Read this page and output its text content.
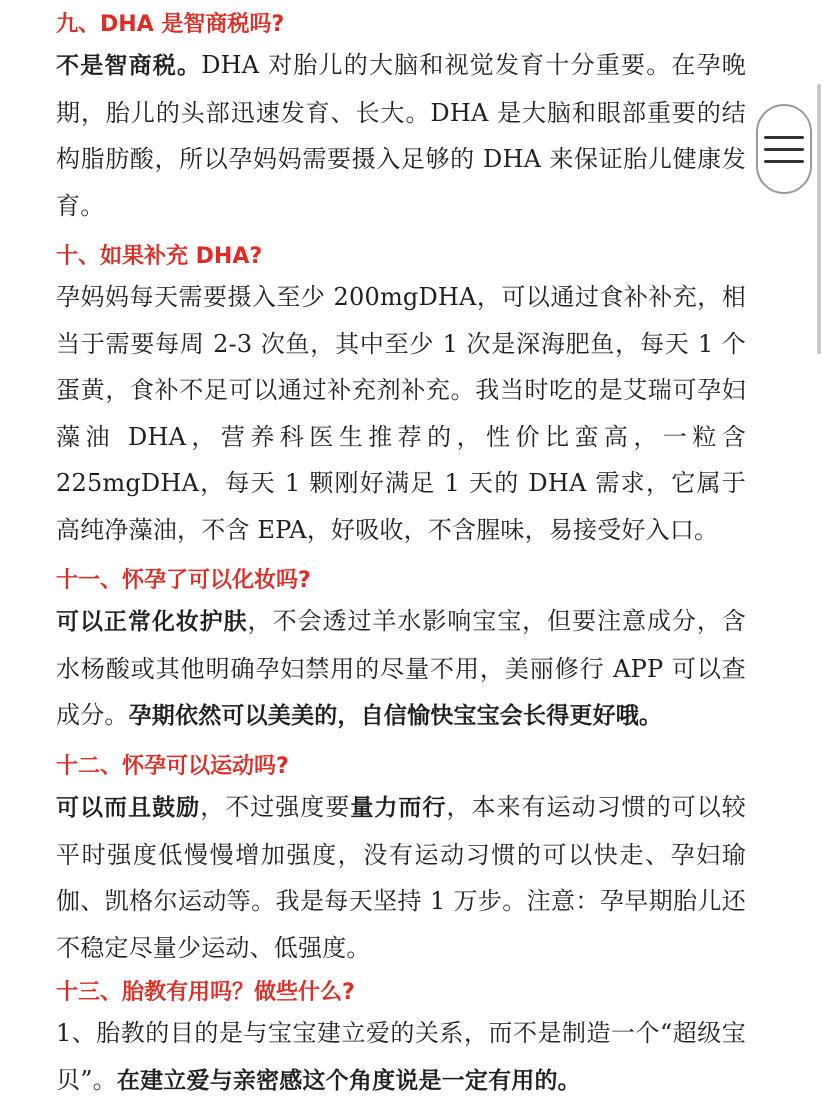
九、DHA 是智商税吗?

不是智商税。DHA 对胎儿的大脑和视觉发育十分重要。在孕晚期，胎儿的头部迅速发育、长大。DHA 是大脑和眼部重要的结构脂肪酸，所以孕妈妈需要摄入足够的 DHA 来保证胎儿健康发育。

十、如果补充 DHA?

孕妈妈每天需要摄入至少 200mgDHA，可以通过食补补充，相当于需要每周 2-3 次鱼，其中至少 1 次是深海肥鱼，每天 1 个蛋黄，食补不足可以通过补充剂补充。我当时吃的是艾瑞可孕妇藻油 DHA，营养科医生推荐的，性价比蛮高，一粒含 225mgDHA，每天 1 颗刚好满足 1 天的 DHA 需求，它属于高纯净藻油，不含 EPA，好吸收，不含腥味，易接受好入口。

十一、怀孕了可以化妆吗?

可以正常化妆护肤，不会透过羊水影响宝宝，但要注意成分，含水杨酸或其他明确孕妇禁用的尽量不用，美丽修行 APP 可以查成分。孕期依然可以美美的，自信愉快宝宝会长得更好哦。

十二、怀孕可以运动吗?

可以而且鼓励，不过强度要量力而行，本来有运动习惯的可以较平时强度低慢慢增加强度，没有运动习惯的可以快走、孕妇瑜伽、凯格尔运动等。我是每天坚持 1 万步。注意：孕早期胎儿还不稳定尽量少运动、低强度。

十三、胎教有用吗？做些什么?

1、胎教的目的是与宝宝建立爱的关系，而不是制造一个“超级宝贝”。在建立爱与亲密感这个角度说是一定有用的。
